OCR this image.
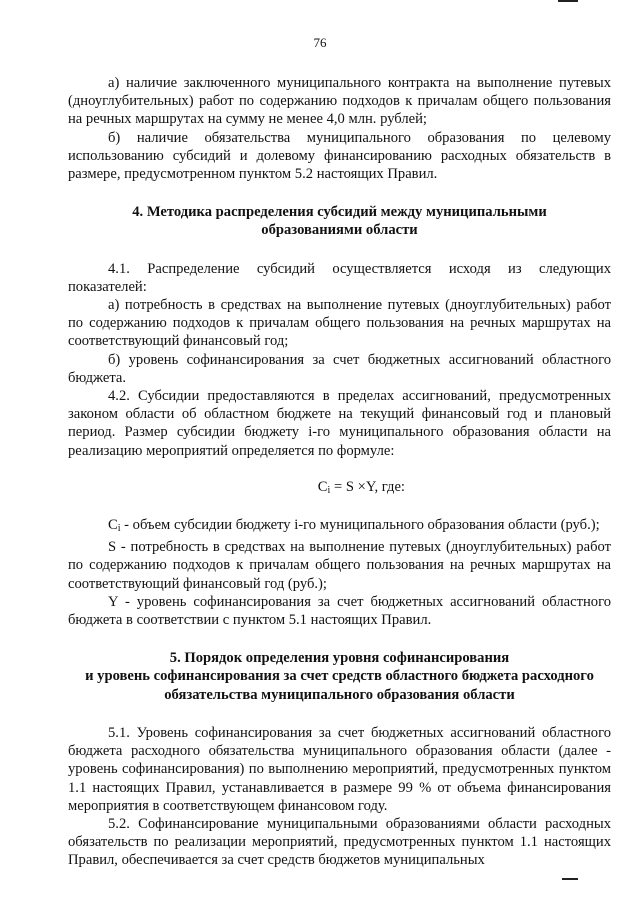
76

а) наличие заключенного муниципального контракта на выполнение путевых (дноуглубительных) работ по содержанию подходов к причалам общего пользования на речных маршрутах на сумму не менее 4,0 млн. рублей;

б) наличие обязательства муниципального образования по целевому использованию субсидий и долевому финансированию расходных обязательств в размере, предусмотренном пунктом 5.2 настоящих Правил.

4. Методика распределения субсидий между муниципальными

образованиями области

4.1. Распределение субсидий осуществляется исходя из следующих показателей:

а) потребность в средствах на выполнение путевых (дноуглубительных) работ по содержанию подходов к причалам общего пользования на речных маршрутах на соответствующий финансовый год;

б) уровень софинансирования за счет бюджетных ассигнований областного бюджета.

4.2. Субсидии предоставляются в пределах ассигнований, предусмотренных законом области об областном бюджете на текущий финансовый год и плановый период. Размер субсидии бюджету i-го муниципального образования области на реализацию мероприятий определяется по формуле:

$C_i = S \times Y$, где:

$C_i$ - объем субсидии бюджету i-го муниципального образования области (руб.);

S - потребность в средствах на выполнение путевых (дноуглубительных) работ по содержанию подходов к причалам общего пользования на речных маршрутах на соответствующий финансовый год (руб.);

Y - уровень софинансирования за счет бюджетных ассигнований областного бюджета в соответствии с пунктом 5.1 настоящих Правил.

5. Порядок определения уровня софинансирования

и уровень софинансирования за счет средств областного бюджета расходного

обязательства муниципального образования области

5.1. Уровень софинансирования за счет бюджетных ассигнований областного бюджета расходного обязательства муниципального образования области (далее - уровень софинансирования) по выполнению мероприятий, предусмотренных пунктом 1.1 настоящих Правил, устанавливается в размере 99 % от объема финансирования мероприятия в соответствующем финансовом году.

5.2. Софинансирование муниципальными образованиями области расходных обязательств по реализации мероприятий, предусмотренных пунктом 1.1 настоящих Правил, обеспечивается за счет средств бюджетов муниципальных
